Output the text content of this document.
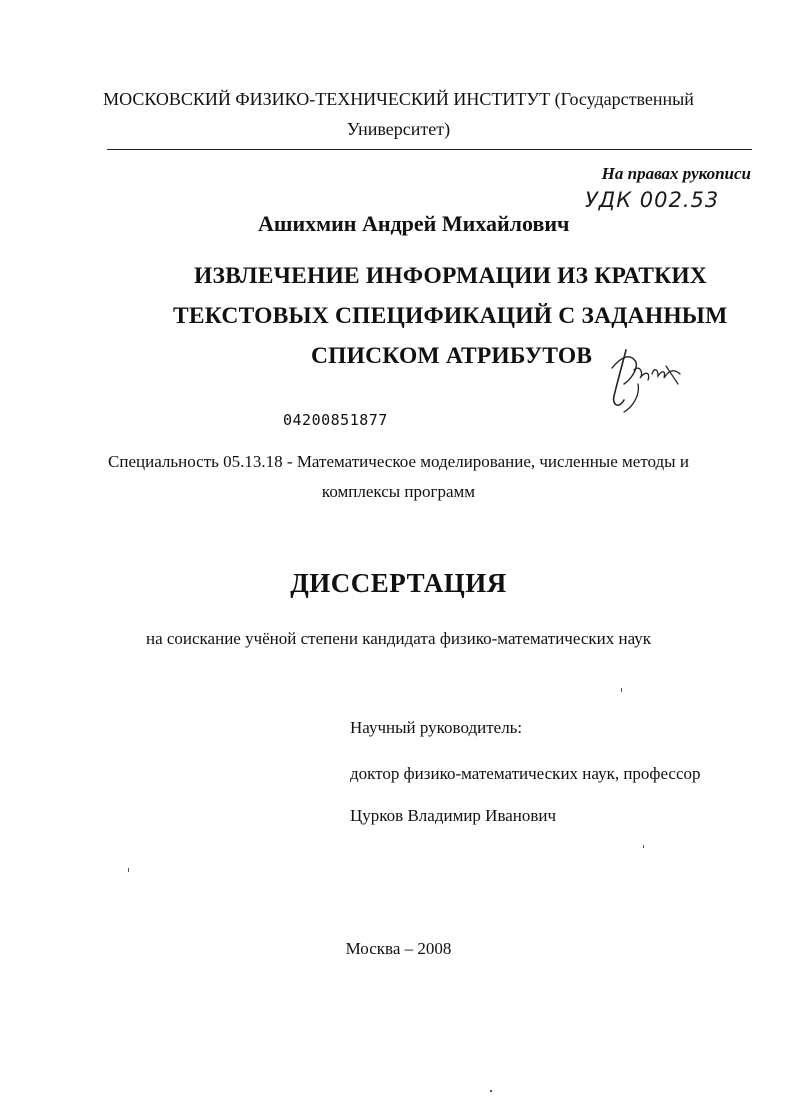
МОСКОВСКИЙ ФИЗИКО-ТЕХНИЧЕСКИЙ ИНСТИТУТ (Государственный
Университет)
На правах рукописи
УДК 002.53
Ашихмин Андрей Михайлович
ИЗВЛЕЧЕНИЕ ИНФОРМАЦИИ ИЗ КРАТКИХ
ТЕКСТОВЫХ СПЕЦИФИКАЦИЙ С ЗАДАННЫМ
СПИСКОМ АТРИБУТОВ
Ашх
04200851877
Специальность 05.13.18 - Математическое моделирование, численные методы и
комплексы программ
ДИССЕРТАЦИЯ
на соискание учёной степени кандидата физико-математических наук
Научный руководитель:
доктор физико-математических наук, профессор
Цурков Владимир Иванович
Москва – 2008
